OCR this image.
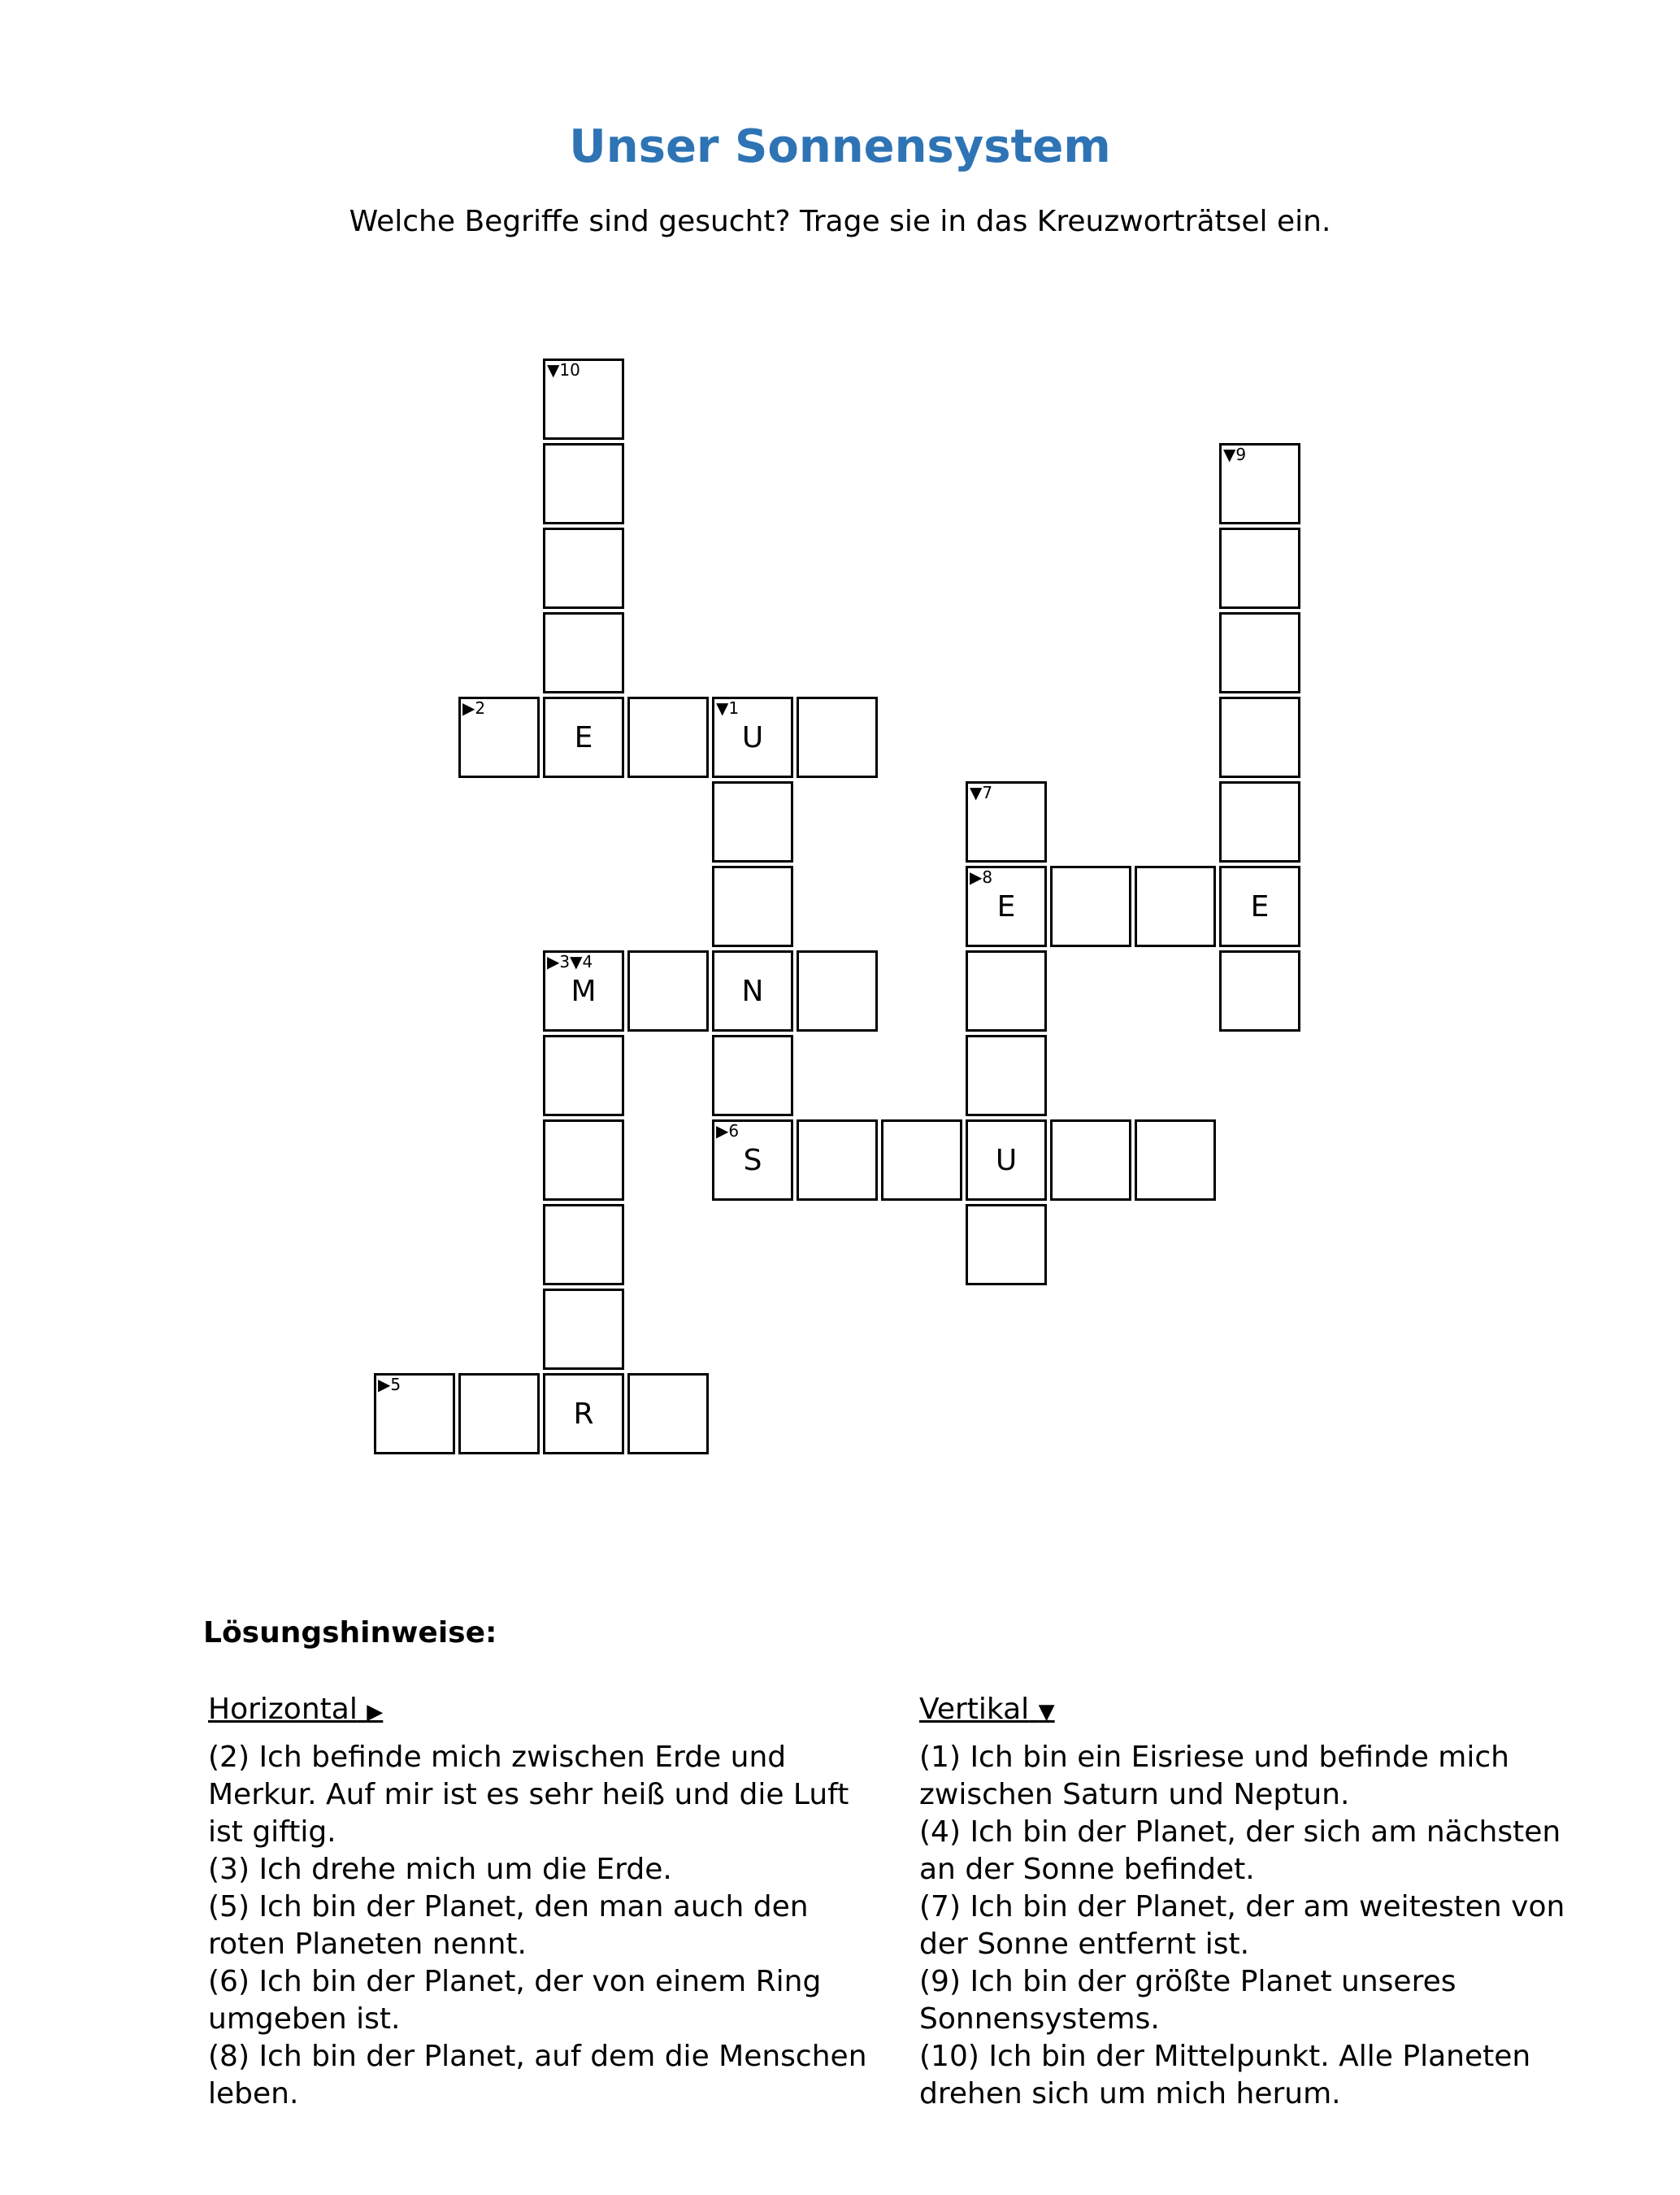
Unser Sonnensystem
Welche Begriffe sind gesucht? Trage sie in das Kreuzworträtsel ein.
▼10
▼9
▶2
E
▼1
U
▼7
▶8
E	E
▶3▼4
M	N
▶6
S	U
▶5
R
Lösungshinweise:
Horizontal ▶
(2) Ich befinde mich zwischen Erde und Merkur. Auf mir ist es sehr heiß und die Luft ist giftig.
(3) Ich drehe mich um die Erde.
(5) Ich bin der Planet, den man auch den roten Planeten nennt.
(6) Ich bin der Planet, der von einem Ring umgeben ist.
(8) Ich bin der Planet, auf dem die Menschen leben.
Vertikal ▼
(1) Ich bin ein Eisriese und befinde mich zwischen Saturn und Neptun.
(4) Ich bin der Planet, der sich am nächsten an der Sonne befindet.
(7) Ich bin der Planet, der am weitesten von der Sonne entfernt ist.
(9) Ich bin der größte Planet unseres Sonnensystems.
(10) Ich bin der Mittelpunkt. Alle Planeten drehen sich um mich herum.
